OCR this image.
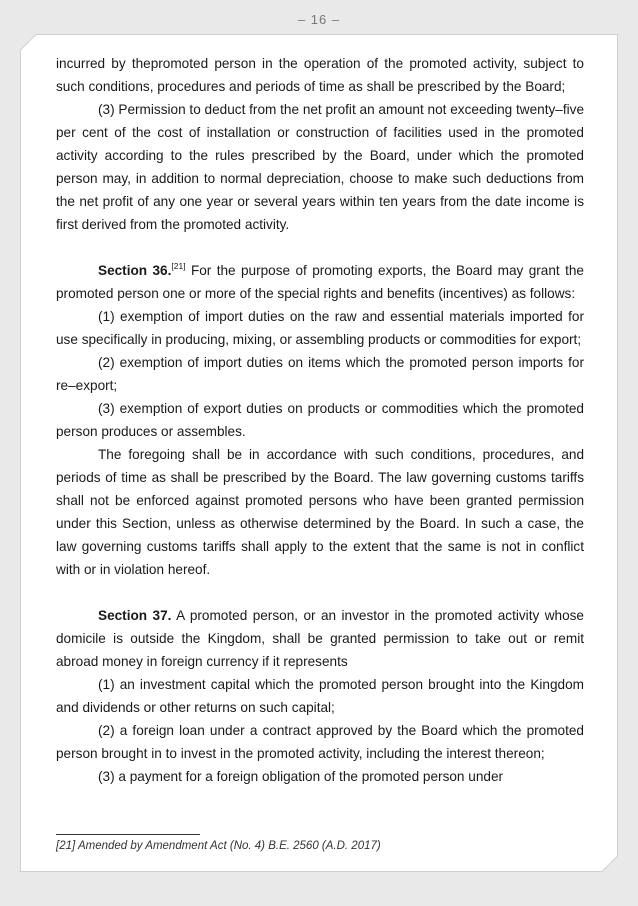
– 16 –

incurred by thepromoted person in the operation of the promoted activity, subject to such conditions, procedures and periods of time as shall be prescribed by the Board;

(3) Permission to deduct from the net profit an amount not exceeding twenty–five per cent of the cost of installation or construction of facilities used in the promoted activity according to the rules prescribed by the Board, under which the promoted person may, in addition to normal depreciation, choose to make such deductions from the net profit of any one year or several years within ten years from the date income is first derived from the promoted activity.

Section 36.[21] For the purpose of promoting exports, the Board may grant the promoted person one or more of the special rights and benefits (incentives) as follows:

(1) exemption of import duties on the raw and essential materials imported for use specifically in producing, mixing, or assembling products or commodities for export;

(2) exemption of import duties on items which the promoted person imports for re–export;

(3) exemption of export duties on products or commodities which the promoted person produces or assembles.

The foregoing shall be in accordance with such conditions, procedures, and periods of time as shall be prescribed by the Board. The law governing customs tariffs shall not be enforced against promoted persons who have been granted permission under this Section, unless as otherwise determined by the Board. In such a case, the law governing customs tariffs shall apply to the extent that the same is not in conflict with or in violation hereof.

Section 37. A promoted person, or an investor in the promoted activity whose domicile is outside the Kingdom, shall be granted permission to take out or remit abroad money in foreign currency if it represents

(1) an investment capital which the promoted person brought into the Kingdom and dividends or other returns on such capital;

(2) a foreign loan under a contract approved by the Board which the promoted person brought in to invest in the promoted activity, including the interest thereon;

(3) a payment for a foreign obligation of the promoted person under

[21] Amended by Amendment Act (No. 4) B.E. 2560 (A.D. 2017)
